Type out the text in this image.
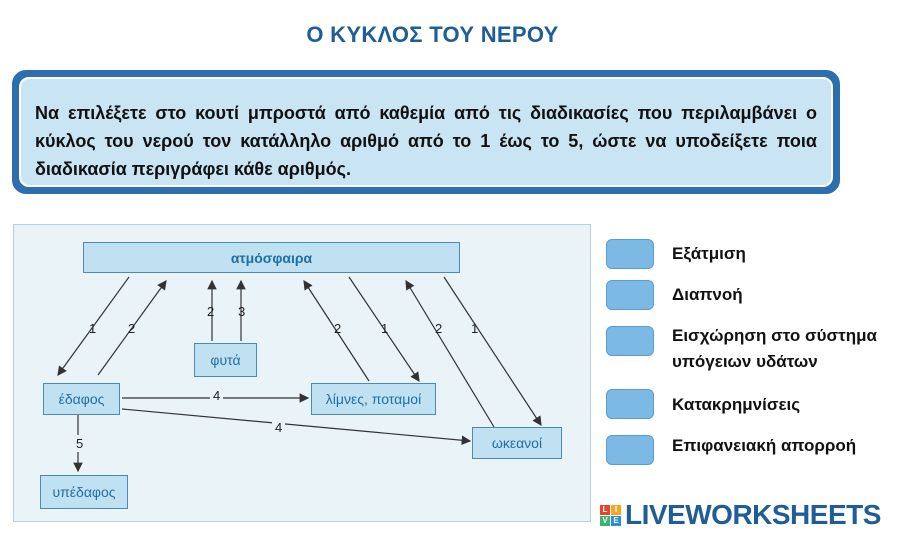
Ο ΚΥΚΛΟΣ ΤΟΥ ΝΕΡΟΥ
Να επιλέξετε στο κουτί μπροστά από καθεμία από τις διαδικασίες που περιλαμβάνει ο κύκλος του νερού τον κατάλληλο αριθμό από το 1 έως το 5, ώστε να υποδείξετε ποια διαδικασία περιγράφει κάθε αριθμός.
ατμόσφαιρα
φυτά
έδαφος	λίμνες, ποταμοί
ωκεανοί
υπέδαφος
1 2
2 3
2	1	2 1
4
4
5
Εξάτμιση
Διαπνοή
Εισχώρηση στο σύστημα υπόγειων υδάτων
Κατακρημνίσεις
Επιφανειακή απορροή
L I
V E LIVEWORKSHEETS
